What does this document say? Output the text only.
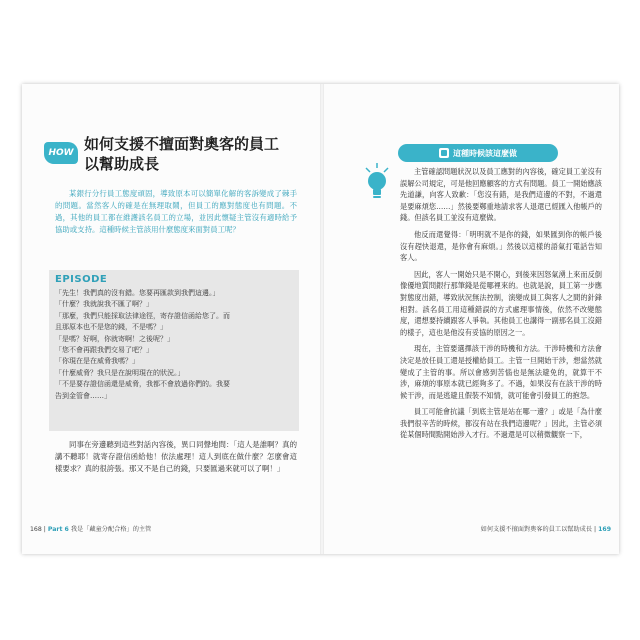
HOW 如何支援不擅面對奧客的員工
以幫助成長

某銀行分行員工態度頑固，導致原本可以簡單化解的客訴變成了棘手的問題。當然客人的確是在無理取鬧，但員工的應對態度也有問題。不過，其他的員工都在維護該名員工的立場，並因此懷疑主管沒有適時給予協助或支持。這種時候主管該用什麼態度來面對員工呢？

EPISODE
「先生！我們真的沒有錯。您要再匯款到我們這邊。」
「什麼？我就說我不匯了啊？」
「那麼，我們只能採取法律途徑，寄存證信函給您了。而
且那原本也不是您的錢，不是嗎？」
「是嗎？好啊，你就寄啊！之後呢？」
「您不會再跟我們交易了吧？」
「你現在是在威脅我嗎？」
「什麼威脅？我只是在說明現在的狀況。」
「不是要存證信函還是威脅，我都不會放過你們的。我要
告到金管會……」

同事在旁邊聽到這些對話內容後，異口同聲地問：「這人是誰啊？真的講不聽耶！就寄存證信函給他！依法處理！這人到底在做什麼？怎麼會這樣要求？真的很誇張。那又不是自己的錢，只要匯過來就可以了啊！」

168 | Part 6 我是「藏童分配合格」的主管
這種時候該這麼做

主管確認問題狀況以及員工應對的內容後，確定員工並沒有誤解公司規定，可是他回應顧客的方式有問題。員工一開始應該先道謙，向客人致歉：「您沒有錯，是我們這邊的不對，不過還是要麻煩您……」然後要鄭重地請求客人退還已經匯入他帳戶的錢。但該名員工並沒有這麼做。

他反而還覺得：「明明就不是你的錢，如果匯到你的帳戶後沒有趕快退還，是你會有麻煩。」然後以這樣的語氣打電話告知客人。

因此，客人一開始只是不開心，到後來因怒氣湧上來而反倒像優地質問銀行那筆錢是從哪裡來的。也就是說，員工第一步應對態度出錯，導致狀況無法控制，演變成員工與客人之間的針鋒相對。該名員工用這種錯誤的方式處理事情後，依然不改變態度，還想要持續跟客人爭執。其他員工也講得一副那名員工沒錯的樣子，這也是他沒有妥協的原因之一。

現在，主管要選擇該干涉的時機和方法。干涉時機和方法會決定是放任員工還是授權給員工。主管一旦開始干涉，想當然就變成了主管的事。所以會感到苦惱也是無法避免的，就算干不涉，麻煩的事原本就已經夠多了。不過，如果沒有在該干涉的時候干涉，而是逃避且假裝不知情，就可能會引發員工的抱怨。

員工可能會抗議「到底主管是站在哪一邊？」或是「為什麼我們很辛苦的時候，都沒有站在我們這邊呢？」因此，主管必須從某個時間點開始涉入才行。不過還是可以稍微觀察一下，

如何支援不擅面對奧客的員工以幫助成長 | 169
